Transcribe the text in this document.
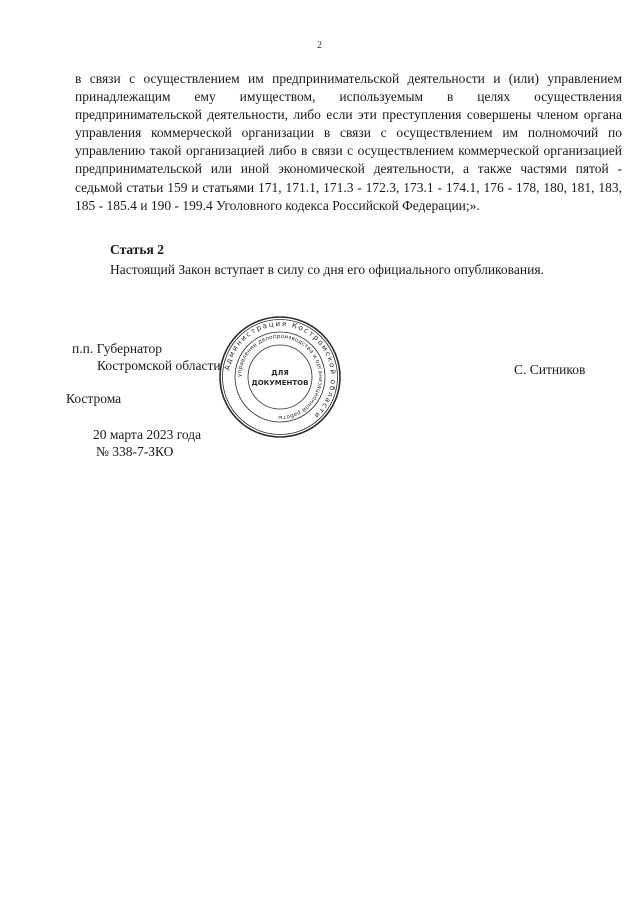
2

в связи с осуществлением им предпринимательской деятельности и (или) управлением принадлежащим ему имуществом, используемым в целях осуществления предпринимательской деятельности, либо если эти преступления совершены членом органа управления коммерческой организации в связи с осуществлением им полномочий по управлению такой организацией либо в связи с осуществлением коммерческой организацией предпринимательской или иной экономической деятельности, а также частями пятой - седьмой статьи 159 и статьями 171, 171.1, 171.3 - 172.3, 173.1 - 174.1, 176 - 178, 180, 181, 183, 185 - 185.4 и 190 - 199.4 Уголовного кодекса Российской Федерации;».

Статья 2

Настоящий Закон вступает в силу со дня его официального опубликования.

Администрация Костромской области
управление делопроизводства и организационной работы
ДЛЯ
ДОКУМЕНТОВ

п.п. Губернатор

Костромской области	С. Ситников

Кострома

20 марта 2023 года

№ 338-7-ЗКО
